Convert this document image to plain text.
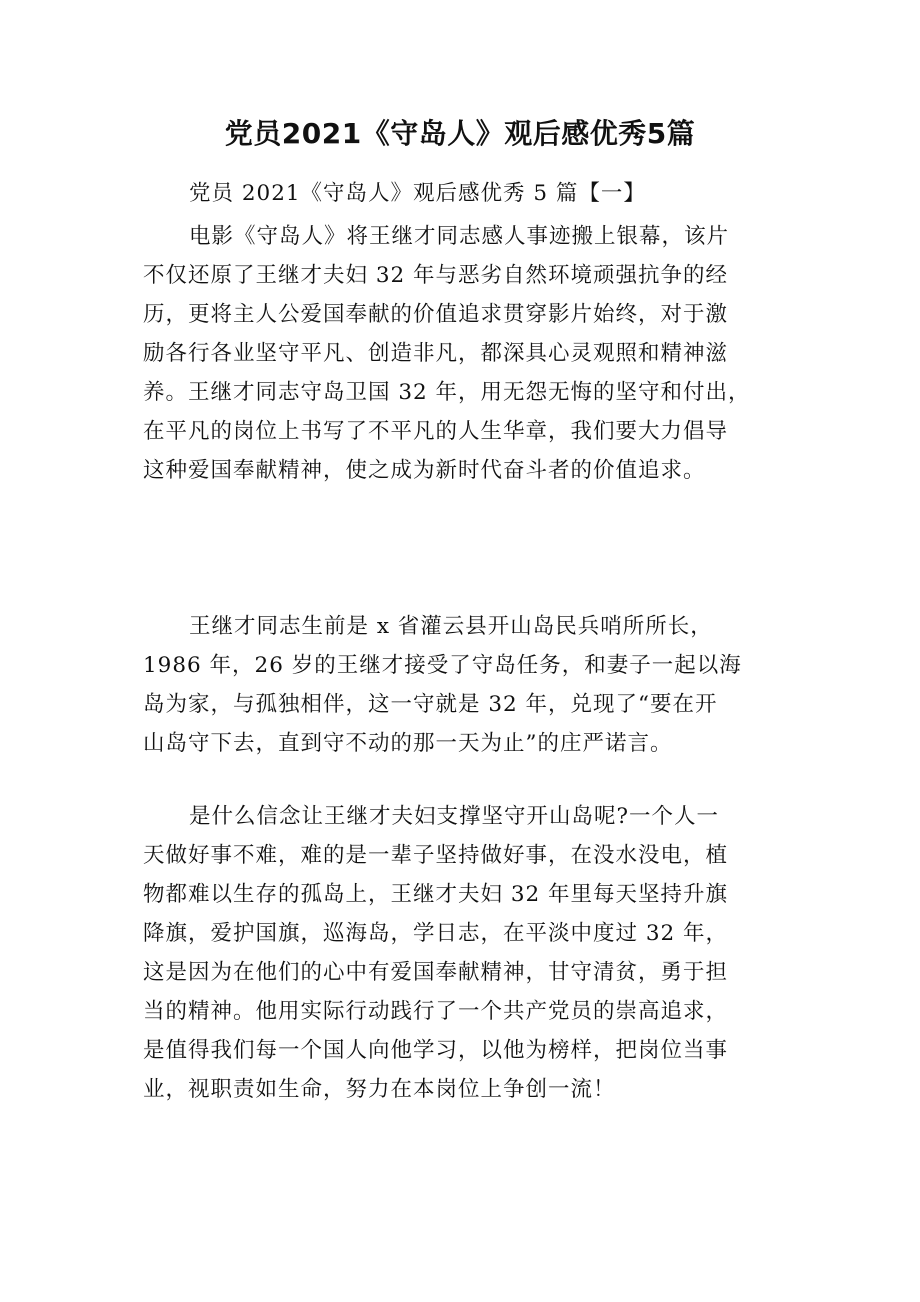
党员2021《守岛人》观后感优秀5篇
党员 2021《守岛人》观后感优秀 5 篇【一】
电影《守岛人》将王继才同志感人事迹搬上银幕，该片
不仅还原了王继才夫妇 32 年与恶劣自然环境顽强抗争的经
历，更将主人公爱国奉献的价值追求贯穿影片始终，对于激
励各行各业坚守平凡、创造非凡，都深具心灵观照和精神滋
养。王继才同志守岛卫国 32 年，用无怨无悔的坚守和付出，
在平凡的岗位上书写了不平凡的人生华章，我们要大力倡导
这种爱国奉献精神，使之成为新时代奋斗者的价值追求。
王继才同志生前是 x 省灌云县开山岛民兵哨所所长，
1986 年，26 岁的王继才接受了守岛任务，和妻子一起以海
岛为家，与孤独相伴，这一守就是 32 年，兑现了“要在开
山岛守下去，直到守不动的那一天为止”的庄严诺言。
是什么信念让王继才夫妇支撑坚守开山岛呢?一个人一
天做好事不难，难的是一辈子坚持做好事，在没水没电，植
物都难以生存的孤岛上，王继才夫妇 32 年里每天坚持升旗
降旗，爱护国旗，巡海岛，学日志，在平淡中度过 32 年，
这是因为在他们的心中有爱国奉献精神，甘守清贫，勇于担
当的精神。他用实际行动践行了一个共产党员的崇高追求，
是值得我们每一个国人向他学习，以他为榜样，把岗位当事
业，视职责如生命，努力在本岗位上争创一流！
